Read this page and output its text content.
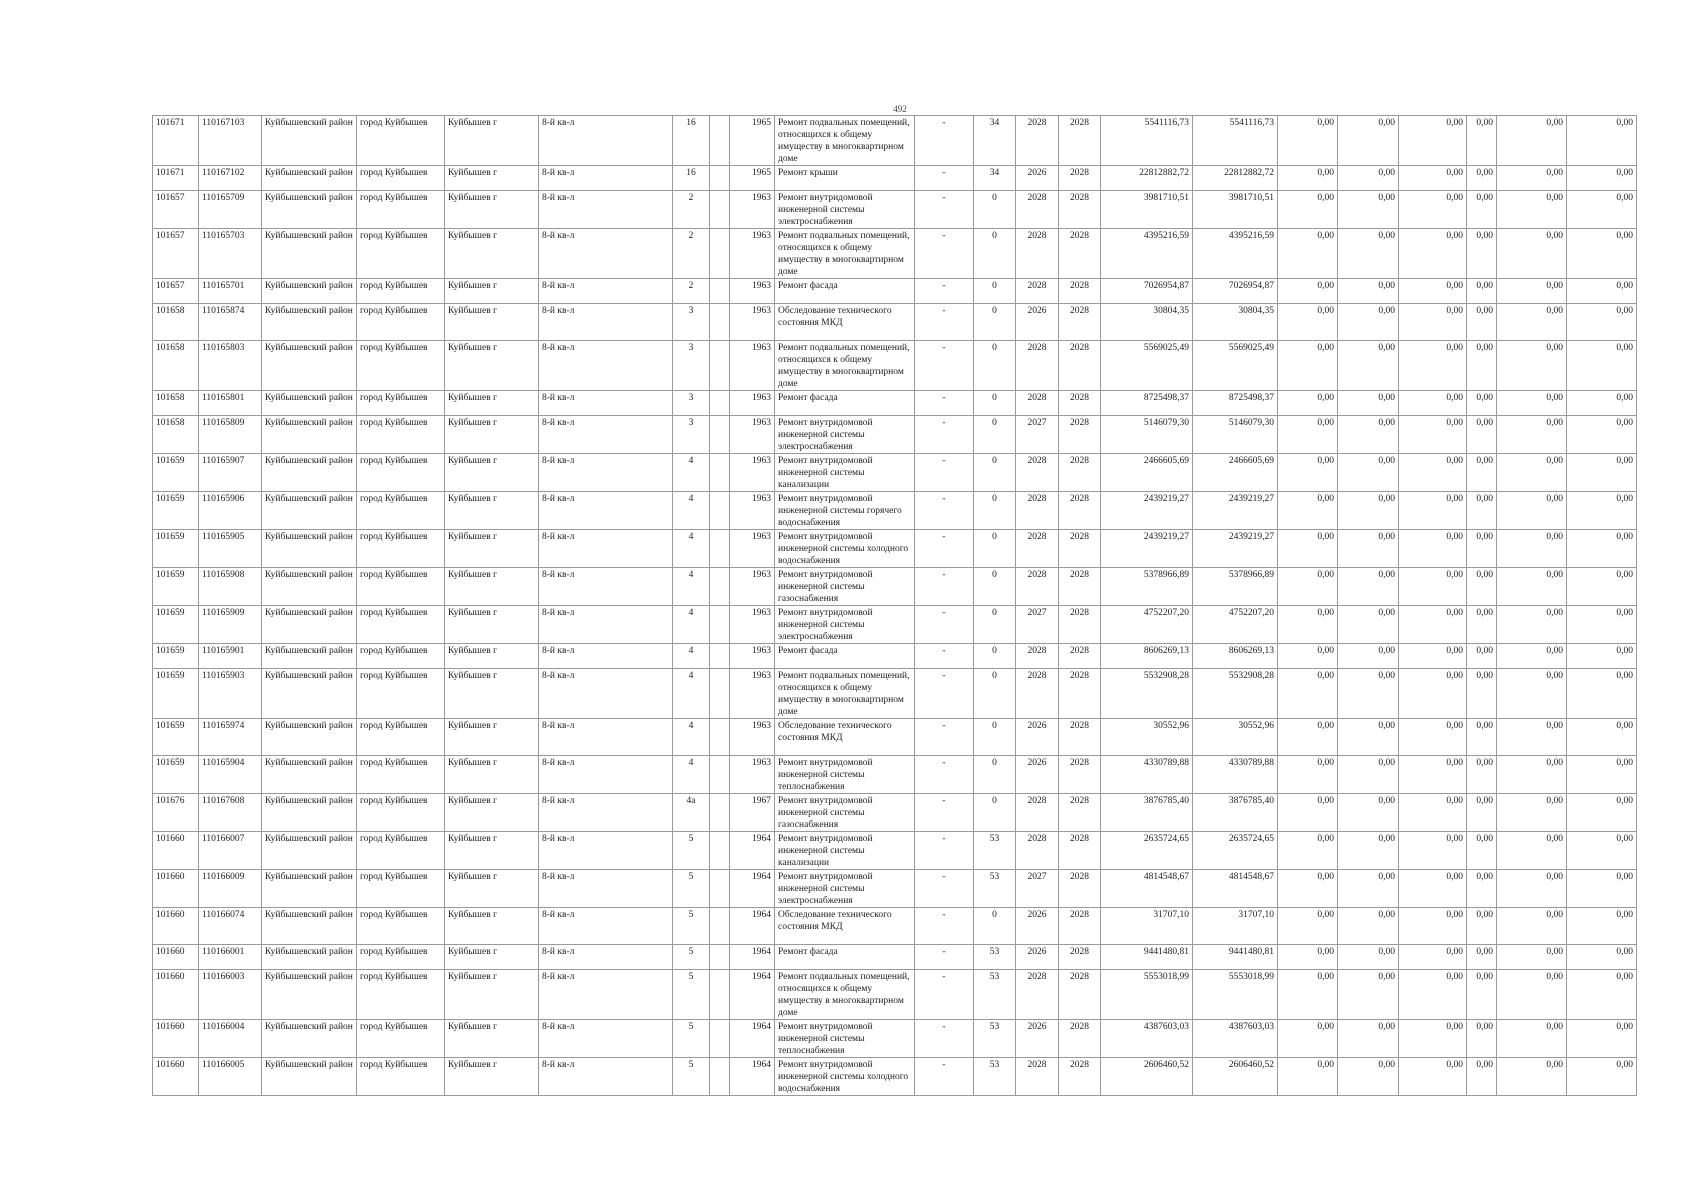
492
101671	110167103	Куйбышевский район	город Куйбышев	Куйбышев г	8-й кв-л	16		1965	Ремонт подвальных помещений, относящихся к общему имуществу в многоквартирном доме	-	34	2028	2028	5541116,73	5541116,73	0,00	0,00	0,00	0,00	0,00	0,00
101671	110167102	Куйбышевский район	город Куйбышев	Куйбышев г	8-й кв-л	16		1965	Ремонт крыши	-	34	2026	2028	22812882,72	22812882,72	0,00	0,00	0,00	0,00	0,00	0,00
101657	110165709	Куйбышевский район	город Куйбышев	Куйбышев г	8-й кв-л	2		1963	Ремонт внутридомовой инженерной системы электроснабжения	-	0	2028	2028	3981710,51	3981710,51	0,00	0,00	0,00	0,00	0,00	0,00
101657	110165703	Куйбышевский район	город Куйбышев	Куйбышев г	8-й кв-л	2		1963	Ремонт подвальных помещений, относящихся к общему имуществу в многоквартирном доме	-	0	2028	2028	4395216,59	4395216,59	0,00	0,00	0,00	0,00	0,00	0,00
101657	110165701	Куйбышевский район	город Куйбышев	Куйбышев г	8-й кв-л	2		1963	Ремонт фасада	-	0	2028	2028	7026954,87	7026954,87	0,00	0,00	0,00	0,00	0,00	0,00
101658	110165874	Куйбышевский район	город Куйбышев	Куйбышев г	8-й кв-л	3		1963	Обследование технического состояния МКД	-	0	2026	2028	30804,35	30804,35	0,00	0,00	0,00	0,00	0,00	0,00
101658	110165803	Куйбышевский район	город Куйбышев	Куйбышев г	8-й кв-л	3		1963	Ремонт подвальных помещений, относящихся к общему имуществу в многоквартирном доме	-	0	2028	2028	5569025,49	5569025,49	0,00	0,00	0,00	0,00	0,00	0,00
101658	110165801	Куйбышевский район	город Куйбышев	Куйбышев г	8-й кв-л	3		1963	Ремонт фасада	-	0	2028	2028	8725498,37	8725498,37	0,00	0,00	0,00	0,00	0,00	0,00
101658	110165809	Куйбышевский район	город Куйбышев	Куйбышев г	8-й кв-л	3		1963	Ремонт внутридомовой инженерной системы электроснабжения	-	0	2027	2028	5146079,30	5146079,30	0,00	0,00	0,00	0,00	0,00	0,00
101659	110165907	Куйбышевский район	город Куйбышев	Куйбышев г	8-й кв-л	4		1963	Ремонт внутридомовой инженерной системы канализации	-	0	2028	2028	2466605,69	2466605,69	0,00	0,00	0,00	0,00	0,00	0,00
101659	110165906	Куйбышевский район	город Куйбышев	Куйбышев г	8-й кв-л	4		1963	Ремонт внутридомовой инженерной системы горячего водоснабжения	-	0	2028	2028	2439219,27	2439219,27	0,00	0,00	0,00	0,00	0,00	0,00
101659	110165905	Куйбышевский район	город Куйбышев	Куйбышев г	8-й кв-л	4		1963	Ремонт внутридомовой инженерной системы холодного водоснабжения	-	0	2028	2028	2439219,27	2439219,27	0,00	0,00	0,00	0,00	0,00	0,00
101659	110165908	Куйбышевский район	город Куйбышев	Куйбышев г	8-й кв-л	4		1963	Ремонт внутридомовой инженерной системы газоснабжения	-	0	2028	2028	5378966,89	5378966,89	0,00	0,00	0,00	0,00	0,00	0,00
101659	110165909	Куйбышевский район	город Куйбышев	Куйбышев г	8-й кв-л	4		1963	Ремонт внутридомовой инженерной системы электроснабжения	-	0	2027	2028	4752207,20	4752207,20	0,00	0,00	0,00	0,00	0,00	0,00
101659	110165901	Куйбышевский район	город Куйбышев	Куйбышев г	8-й кв-л	4		1963	Ремонт фасада	-	0	2028	2028	8606269,13	8606269,13	0,00	0,00	0,00	0,00	0,00	0,00
101659	110165903	Куйбышевский район	город Куйбышев	Куйбышев г	8-й кв-л	4		1963	Ремонт подвальных помещений, относящихся к общему имуществу в многоквартирном доме	-	0	2028	2028	5532908,28	5532908,28	0,00	0,00	0,00	0,00	0,00	0,00
101659	110165974	Куйбышевский район	город Куйбышев	Куйбышев г	8-й кв-л	4		1963	Обследование технического состояния МКД	-	0	2026	2028	30552,96	30552,96	0,00	0,00	0,00	0,00	0,00	0,00
101659	110165904	Куйбышевский район	город Куйбышев	Куйбышев г	8-й кв-л	4		1963	Ремонт внутридомовой инженерной системы теплоснабжения	-	0	2026	2028	4330789,88	4330789,88	0,00	0,00	0,00	0,00	0,00	0,00
101676	110167608	Куйбышевский район	город Куйбышев	Куйбышев г	8-й кв-л	4а		1967	Ремонт внутридомовой инженерной системы газоснабжения	-	0	2028	2028	3876785,40	3876785,40	0,00	0,00	0,00	0,00	0,00	0,00
101660	110166007	Куйбышевский район	город Куйбышев	Куйбышев г	8-й кв-л	5		1964	Ремонт внутридомовой инженерной системы канализации	-	53	2028	2028	2635724,65	2635724,65	0,00	0,00	0,00	0,00	0,00	0,00
101660	110166009	Куйбышевский район	город Куйбышев	Куйбышев г	8-й кв-л	5		1964	Ремонт внутридомовой инженерной системы электроснабжения	-	53	2027	2028	4814548,67	4814548,67	0,00	0,00	0,00	0,00	0,00	0,00
101660	110166074	Куйбышевский район	город Куйбышев	Куйбышев г	8-й кв-л	5		1964	Обследование технического состояния МКД	-	0	2026	2028	31707,10	31707,10	0,00	0,00	0,00	0,00	0,00	0,00
101660	110166001	Куйбышевский район	город Куйбышев	Куйбышев г	8-й кв-л	5		1964	Ремонт фасада	-	53	2026	2028	9441480,81	9441480,81	0,00	0,00	0,00	0,00	0,00	0,00
101660	110166003	Куйбышевский район	город Куйбышев	Куйбышев г	8-й кв-л	5		1964	Ремонт подвальных помещений, относящихся к общему имуществу в многоквартирном доме	-	53	2028	2028	5553018,99	5553018,99	0,00	0,00	0,00	0,00	0,00	0,00
101660	110166004	Куйбышевский район	город Куйбышев	Куйбышев г	8-й кв-л	5		1964	Ремонт внутридомовой инженерной системы теплоснабжения	-	53	2026	2028	4387603,03	4387603,03	0,00	0,00	0,00	0,00	0,00	0,00
101660	110166005	Куйбышевский район	город Куйбышев	Куйбышев г	8-й кв-л	5		1964	Ремонт внутридомовой инженерной системы холодного водоснабжения	-	53	2028	2028	2606460,52	2606460,52	0,00	0,00	0,00	0,00	0,00	0,00
